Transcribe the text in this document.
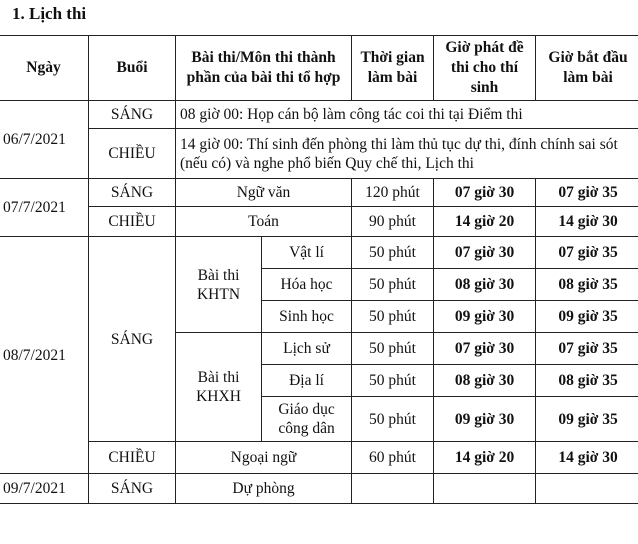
1. Lịch thi
Ngày	Buổi	Bài thi/Môn thi thành phần của bài thi tổ hợp		Thời gian làm bài	Giờ phát đề thi cho thí sinh	Giờ bắt đầu làm bài
06/7/2021	SÁNG	08 giờ 00: Họp cán bộ làm công tác coi thi tại Điểm thi				
	CHIỀU	14 giờ 00: Thí sinh đến phòng thi làm thủ tục dự thi, đính chính sai sót (nếu có) và nghe phổ biến Quy chế thi, Lịch thi				
07/7/2021	SÁNG	Ngữ văn		120 phút	07 giờ 30	07 giờ 35
	CHIỀU	Toán		90 phút	14 giờ 20	14 giờ 30
08/7/2021	SÁNG	Bài thi KHTN	Vật lí	50 phút	07 giờ 30	07 giờ 35
			Hóa học	50 phút	08 giờ 30	08 giờ 35
			Sinh học	50 phút	09 giờ 30	09 giờ 35
		Bài thi KHXH	Lịch sử	50 phút	07 giờ 30	07 giờ 35
			Địa lí	50 phút	08 giờ 30	08 giờ 35
			Giáo dục công dân	50 phút	09 giờ 30	09 giờ 35
	CHIỀU	Ngoại ngữ		60 phút	14 giờ 20	14 giờ 30
09/7/2021	SÁNG	Dự phòng				
